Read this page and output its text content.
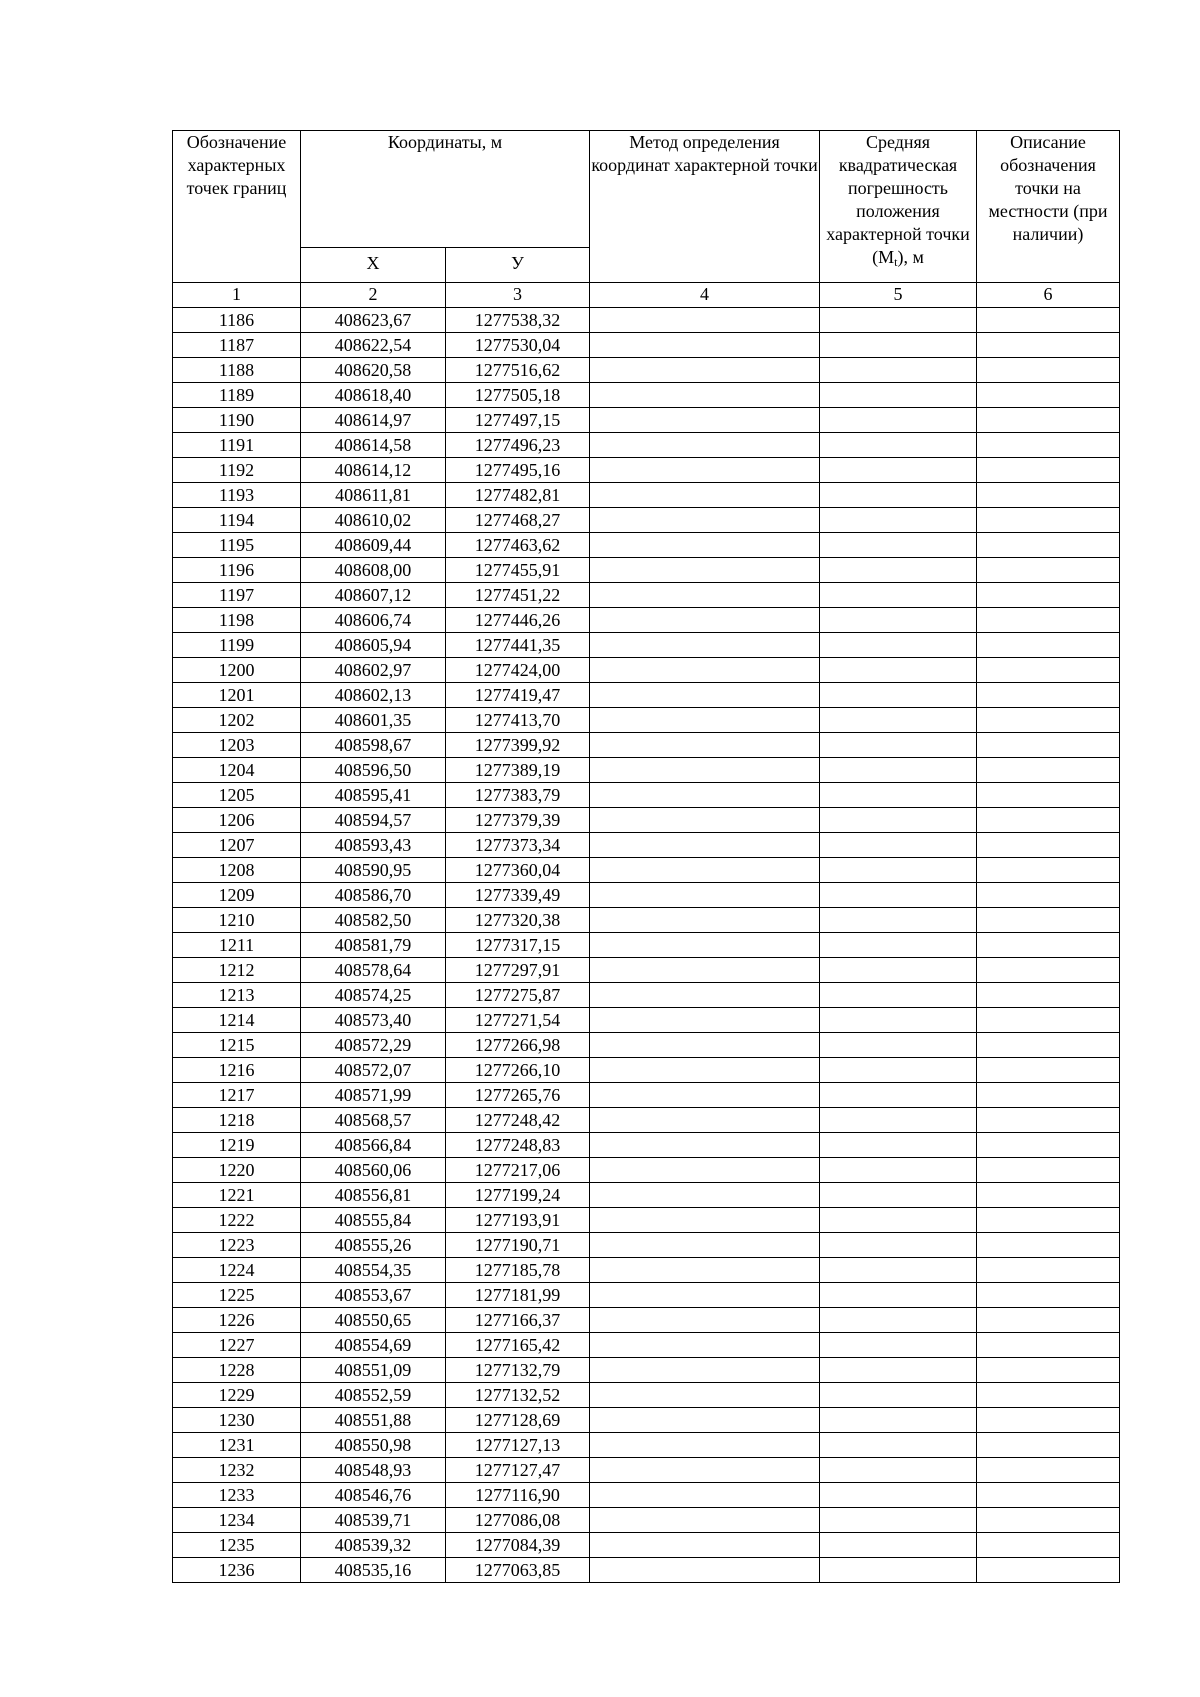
Обозначение характерных точек границ	Координаты, м		Метод определения координат характерной точки	Средняя квадратическая погрешность положения характерной точки $(M_t)$, м	Описание обозначения точки на местности (при наличии)
	Х	У			
1	2	3	4	5	6
1186	408623,67	1277538,32			
1187	408622,54	1277530,04			
1188	408620,58	1277516,62			
1189	408618,40	1277505,18			
1190	408614,97	1277497,15			
1191	408614,58	1277496,23			
1192	408614,12	1277495,16			
1193	408611,81	1277482,81			
1194	408610,02	1277468,27			
1195	408609,44	1277463,62			
1196	408608,00	1277455,91			
1197	408607,12	1277451,22			
1198	408606,74	1277446,26			
1199	408605,94	1277441,35			
1200	408602,97	1277424,00			
1201	408602,13	1277419,47			
1202	408601,35	1277413,70			
1203	408598,67	1277399,92			
1204	408596,50	1277389,19			
1205	408595,41	1277383,79			
1206	408594,57	1277379,39			
1207	408593,43	1277373,34			
1208	408590,95	1277360,04			
1209	408586,70	1277339,49			
1210	408582,50	1277320,38			
1211	408581,79	1277317,15			
1212	408578,64	1277297,91			
1213	408574,25	1277275,87			
1214	408573,40	1277271,54			
1215	408572,29	1277266,98			
1216	408572,07	1277266,10			
1217	408571,99	1277265,76			
1218	408568,57	1277248,42			
1219	408566,84	1277248,83			
1220	408560,06	1277217,06			
1221	408556,81	1277199,24			
1222	408555,84	1277193,91			
1223	408555,26	1277190,71			
1224	408554,35	1277185,78			
1225	408553,67	1277181,99			
1226	408550,65	1277166,37			
1227	408554,69	1277165,42			
1228	408551,09	1277132,79			
1229	408552,59	1277132,52			
1230	408551,88	1277128,69			
1231	408550,98	1277127,13			
1232	408548,93	1277127,47			
1233	408546,76	1277116,90			
1234	408539,71	1277086,08			
1235	408539,32	1277084,39			
1236	408535,16	1277063,85			
